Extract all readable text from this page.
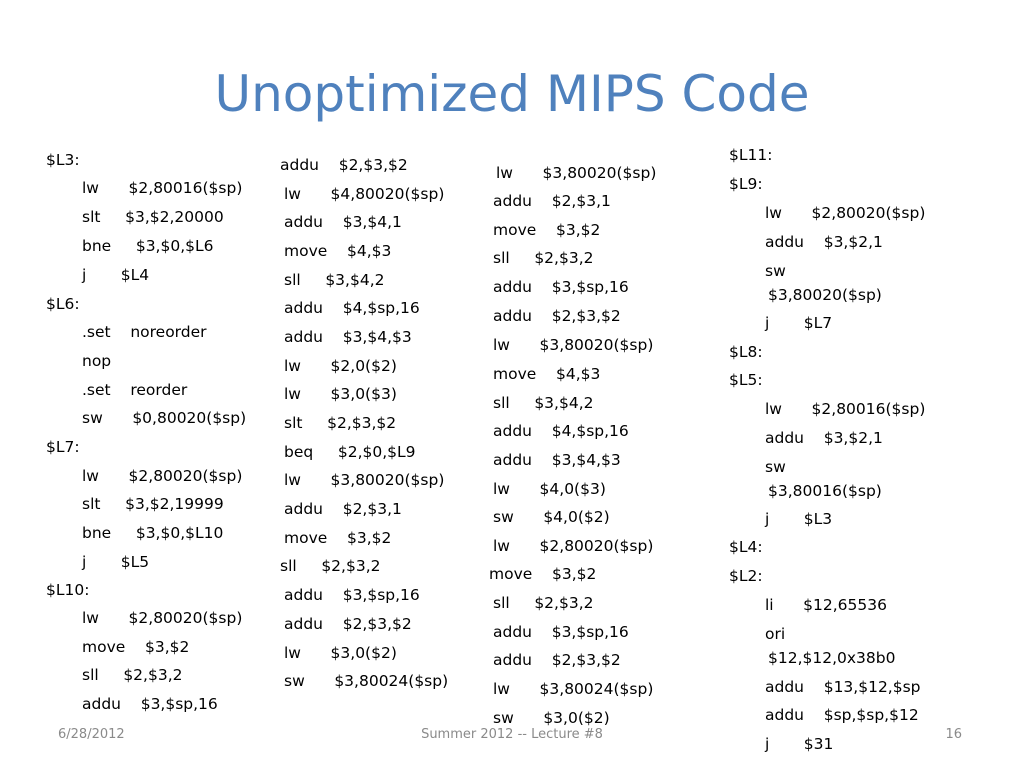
Unoptimized MIPS Code
$L3:
lw      $2,80016($sp)
slt     $3,$2,20000
bne     $3,$0,$L6
j       $L4
$L6:
.set    noreorder
nop
.set    reorder
sw      $0,80020($sp)
$L7:
lw      $2,80020($sp)
slt     $3,$2,19999
bne     $3,$0,$L10
j       $L5
$L10:
lw      $2,80020($sp)
move    $3,$2
sll     $2,$3,2
addu    $3,$sp,16
addu    $2,$3,$2
lw      $4,80020($sp)
addu    $3,$4,1
move    $4,$3
sll     $3,$4,2
addu    $4,$sp,16
addu    $3,$4,$3
lw      $2,0($2)
lw      $3,0($3)
slt     $2,$3,$2
beq     $2,$0,$L9
lw      $3,80020($sp)
addu    $2,$3,1
move    $3,$2
sll     $2,$3,2
addu    $3,$sp,16
addu    $2,$3,$2
lw      $3,0($2)
sw      $3,80024($sp)
lw      $3,80020($sp)
addu    $2,$3,1
move    $3,$2
sll     $2,$3,2
addu    $3,$sp,16
addu    $2,$3,$2
lw      $3,80020($sp)
move    $4,$3
sll     $3,$4,2
addu    $4,$sp,16
addu    $3,$4,$3
lw      $4,0($3)
sw      $4,0($2)
lw      $2,80020($sp)
move    $3,$2
sll     $2,$3,2
addu    $3,$sp,16
addu    $2,$3,$2
lw      $3,80024($sp)
sw      $3,0($2)
$L11:
$L9:
lw      $2,80020($sp)
addu    $3,$2,1
sw
$3,80020($sp)
j       $L7
$L8:
$L5:
lw      $2,80016($sp)
addu    $3,$2,1
sw
$3,80016($sp)
j       $L3
$L4:
$L2:
li      $12,65536
ori
$12,$12,0x38b0
addu    $13,$12,$sp
addu    $sp,$sp,$12
j       $31
6/28/2012	Summer 2012 -- Lecture #8	16
